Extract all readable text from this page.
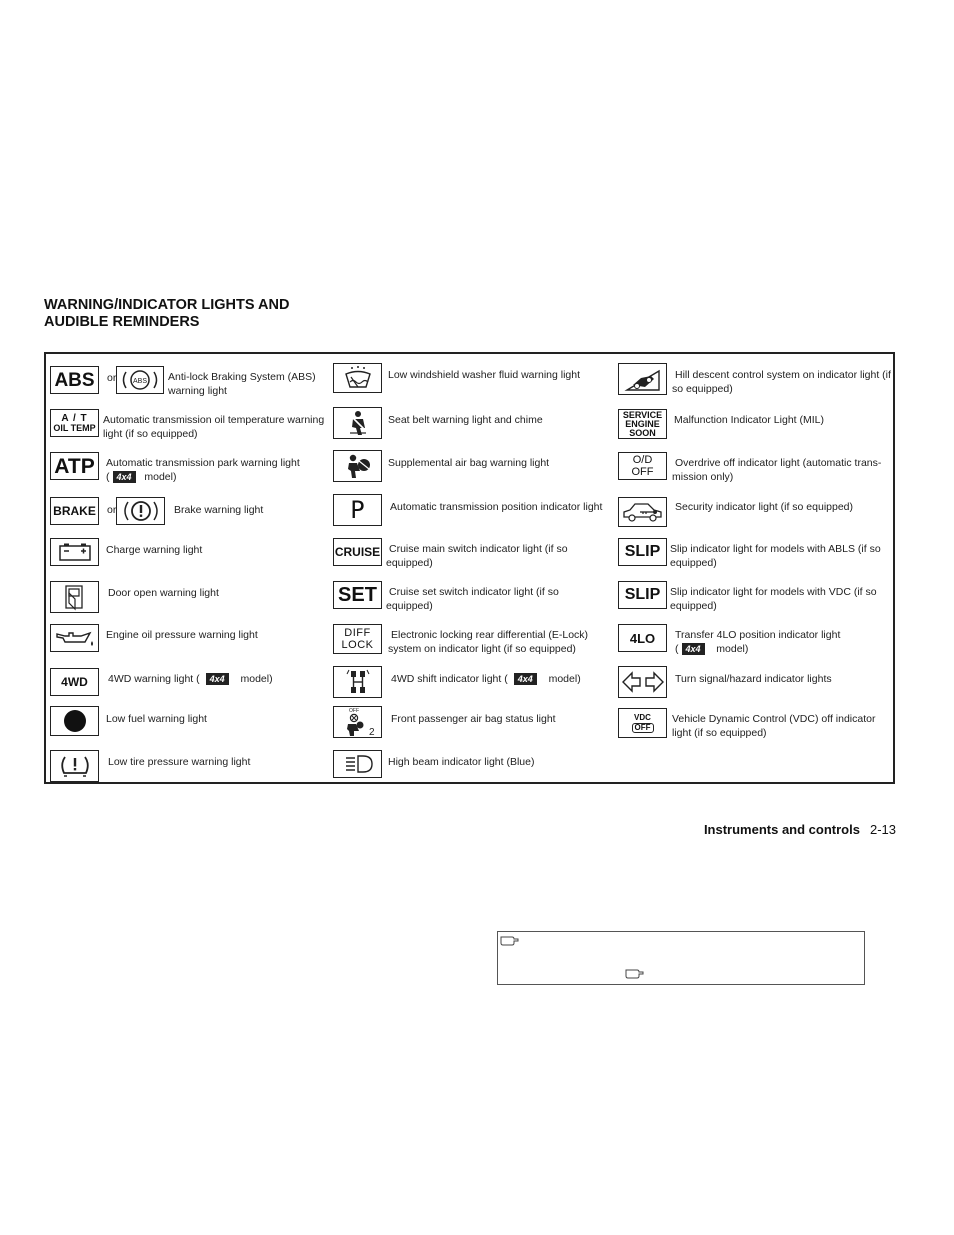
WARNING/INDICATOR LIGHTS AND
AUDIBLE REMINDERS
ABS or ABS Anti-lock Braking System (ABS) warning light
A / T
OIL TEMP
Automatic transmission oil temperature warning light (if so equipped)
ATP Automatic transmission park warning light
( 4x4 model)
BRAKE or	Brake warning light
Charge warning light
Door open warning light
Engine oil pressure warning light
4WD 4WD warning light ( 4x4 model)
Low fuel warning light
Low tire pressure warning light
Low windshield washer fluid warning light
Seat belt warning light and chime
Supplemental air bag warning light
P Automatic transmission position indicator light
CRUISE Cruise main switch indicator light (if so equipped)
SET Cruise set switch indicator light (if so equipped)
DIFF
LOCK
Electronic locking rear differential (E-Lock) system on indicator light (if so equipped)
4WD shift indicator light ( 4x4 model)
OFF
2
Front passenger air bag status light
High beam indicator light (Blue)
Hill descent control system on indicator light (if so equipped)
SERVICE
ENGINE
SOON
Malfunction Indicator Light (MIL)
O/D
OFF
Overdrive off indicator light (automatic trans- mission only)
Security indicator light (if so equipped)
SLIP Slip indicator light for models with ABLS (if so equipped)
SLIP Slip indicator light for models with VDC (if so equipped)
4LO Transfer 4LO position indicator light
( 4x4 model)
Turn signal/hazard indicator lights
VDC
OFF
Vehicle Dynamic Control (VDC) off indicator light (if so equipped)
Instruments and controls 2-13
